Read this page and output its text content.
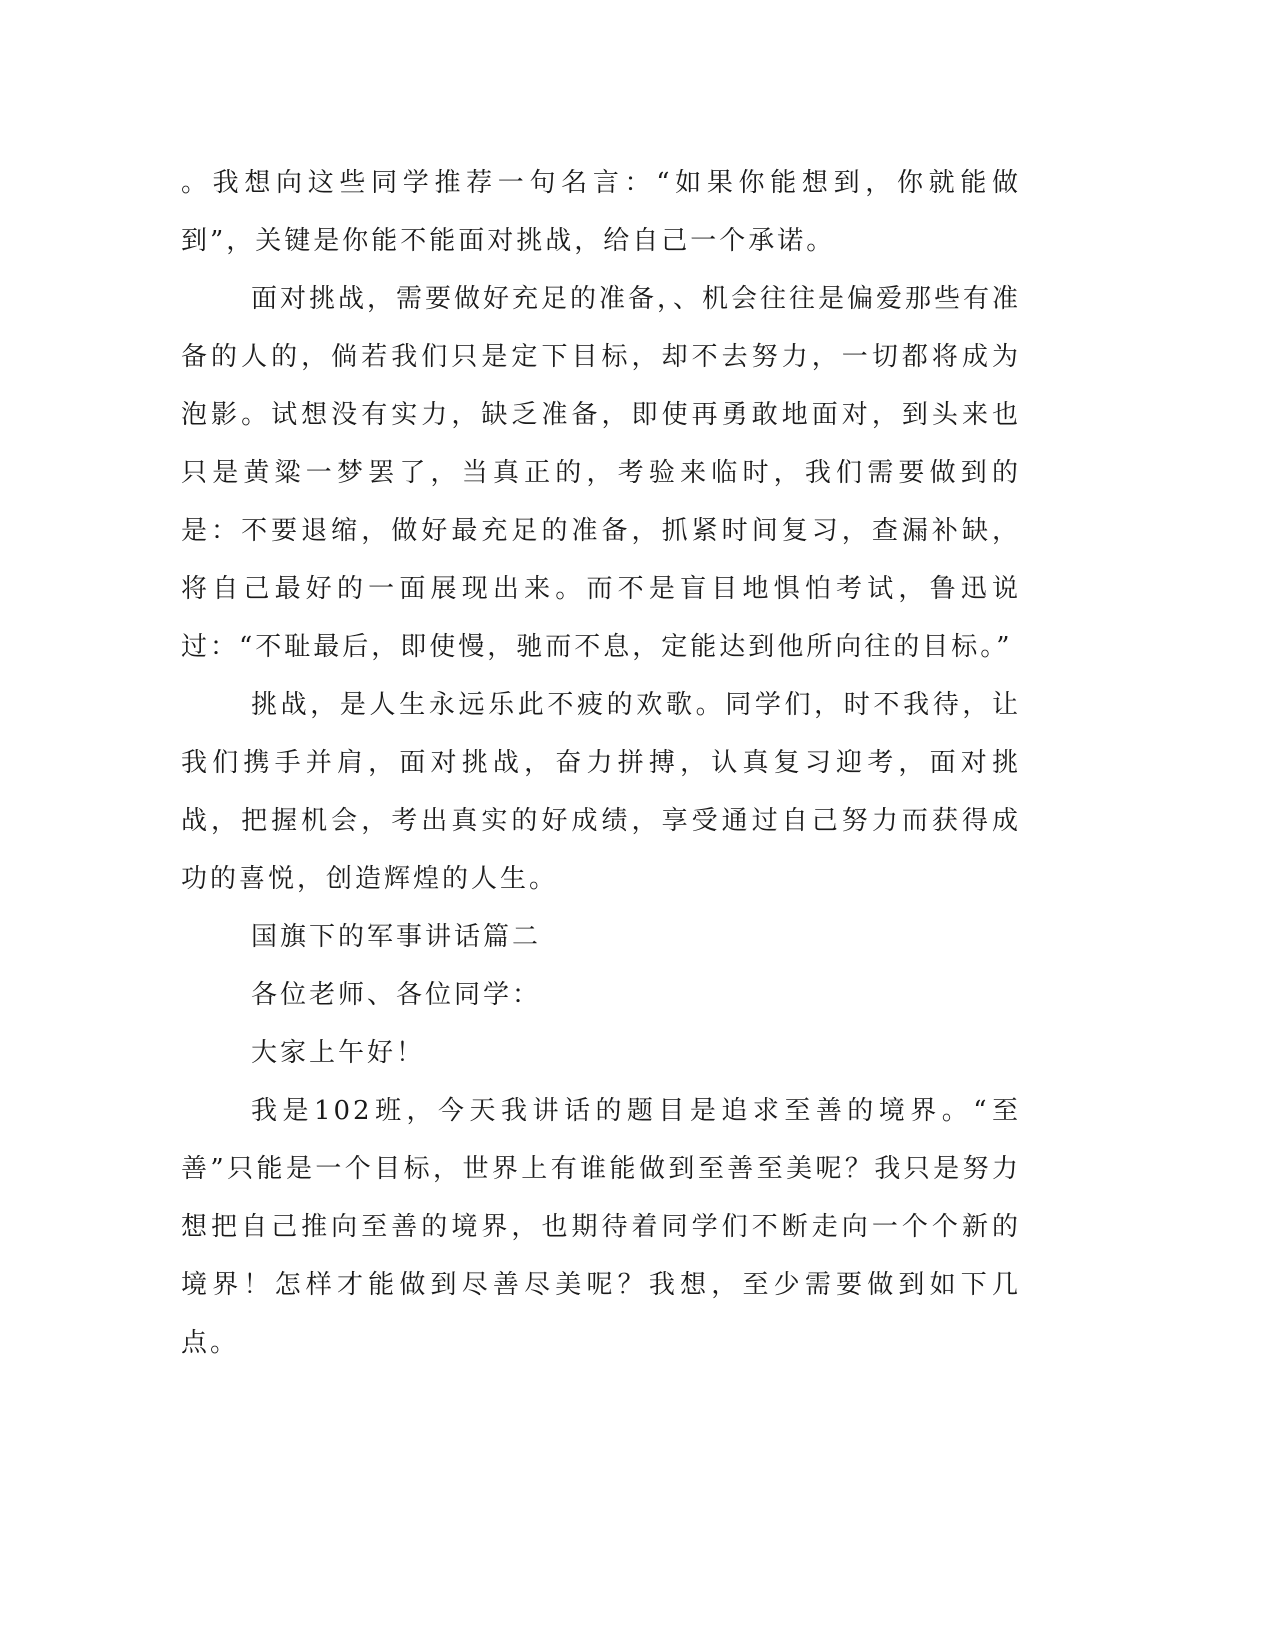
。我想向这些同学推荐一句名言：“如果你能想到，你就能做到”，关键是你能不能面对挑战，给自己一个承诺。

面对挑战，需要做好充足的准备，、机会往往是偏爱那些有准备的人的，倘若我们只是定下目标，却不去努力，一切都将成为泡影。试想没有实力，缺乏准备，即使再勇敢地面对，到头来也只是黄粱一梦罢了，当真正的，考验来临时，我们需要做到的是：不要退缩，做好最充足的准备，抓紧时间复习，查漏补缺，将自己最好的一面展现出来。而不是盲目地惧怕考试，鲁迅说过：“不耻最后，即使慢，驰而不息，定能达到他所向往的目标。”

挑战，是人生永远乐此不疲的欢歌。同学们，时不我待，让我们携手并肩，面对挑战，奋力拼搏，认真复习迎考，面对挑战，把握机会，考出真实的好成绩，享受通过自己努力而获得成功的喜悦，创造辉煌的人生。

国旗下的军事讲话篇二

各位老师、各位同学：

大家上午好！

我是102班，今天我讲话的题目是追求至善的境界。“至善”只能是一个目标，世界上有谁能做到至善至美呢？我只是努力想把自己推向至善的境界，也期待着同学们不断走向一个个新的境界！怎样才能做到尽善尽美呢？我想，至少需要做到如下几点。
